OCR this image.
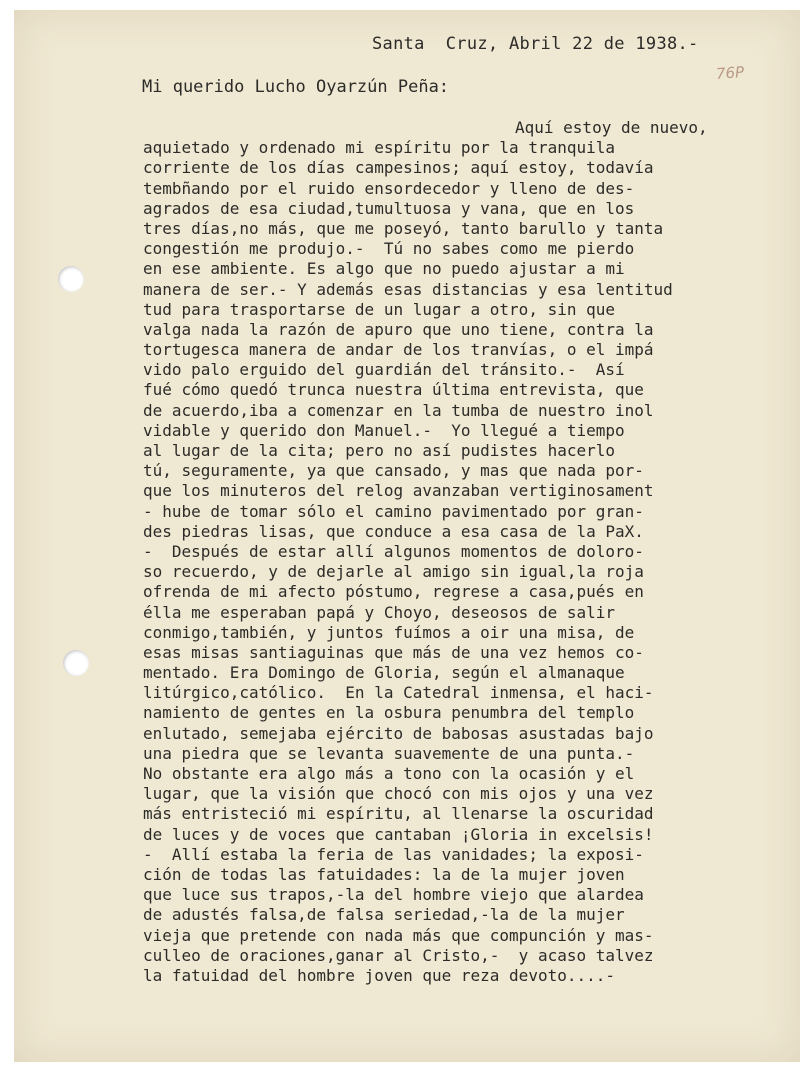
Santa  Cruz, Abril 22 de 1938.-

76P

Mi querido Lucho Oyarzún Peña:

Aquí estoy de nuevo,
aquietado y ordenado mi espíritu por la tranquila
corriente de los días campesinos; aquí estoy, todavía
tembñando por el ruido ensordecedor y lleno de des-
agrados de esa ciudad,tumultuosa y vana, que en los
tres días,no más, que me poseyó, tanto barullo y tanta
congestión me produjo.-  Tú no sabes como me pierdo
en ese ambiente. Es algo que no puedo ajustar a mi
manera de ser.- Y además esas distancias y esa lentitud
tud para trasportarse de un lugar a otro, sin que
valga nada la razón de apuro que uno tiene, contra la
tortugesca manera de andar de los tranvías, o el impá
vido palo erguido del guardián del tránsito.-  Así
fué cómo quedó trunca nuestra última entrevista, que
de acuerdo,iba a comenzar en la tumba de nuestro inol
vidable y querido don Manuel.-  Yo llegué a tiempo
al lugar de la cita; pero no así pudistes hacerlo
tú, seguramente, ya que cansado, y mas que nada por-
que los minuteros del relog avanzaban vertiginosament
- hube de tomar sólo el camino pavimentado por gran-
des piedras lisas, que conduce a esa casa de la PaX.
-  Después de estar allí algunos momentos de doloro-
so recuerdo, y de dejarle al amigo sin igual,la roja
ofrenda de mi afecto póstumo, regrese a casa,pués en
élla me esperaban papá y Choyo, deseosos de salir
conmigo,también, y juntos fuímos a oir una misa, de
esas misas santiaguinas que más de una vez hemos co-
mentado. Era Domingo de Gloria, según el almanaque
litúrgico,católico.  En la Catedral inmensa, el haci-
namiento de gentes en la osbura penumbra del templo
enlutado, semejaba ejército de babosas asustadas bajo
una piedra que se levanta suavemente de una punta.-
No obstante era algo más a tono con la ocasión y el
lugar, que la visión que chocó con mis ojos y una vez
más entristeció mi espíritu, al llenarse la oscuridad
de luces y de voces que cantaban ¡Gloria in excelsis!
-  Allí estaba la feria de las vanidades; la exposi-
ción de todas las fatuidades: la de la mujer joven
que luce sus trapos,-la del hombre viejo que alardea
de adustés falsa,de falsa seriedad,-la de la mujer
vieja que pretende con nada más que compunción y mas-
culleo de oraciones,ganar al Cristo,-  y acaso talvez
la fatuidad del hombre joven que reza devoto....-
